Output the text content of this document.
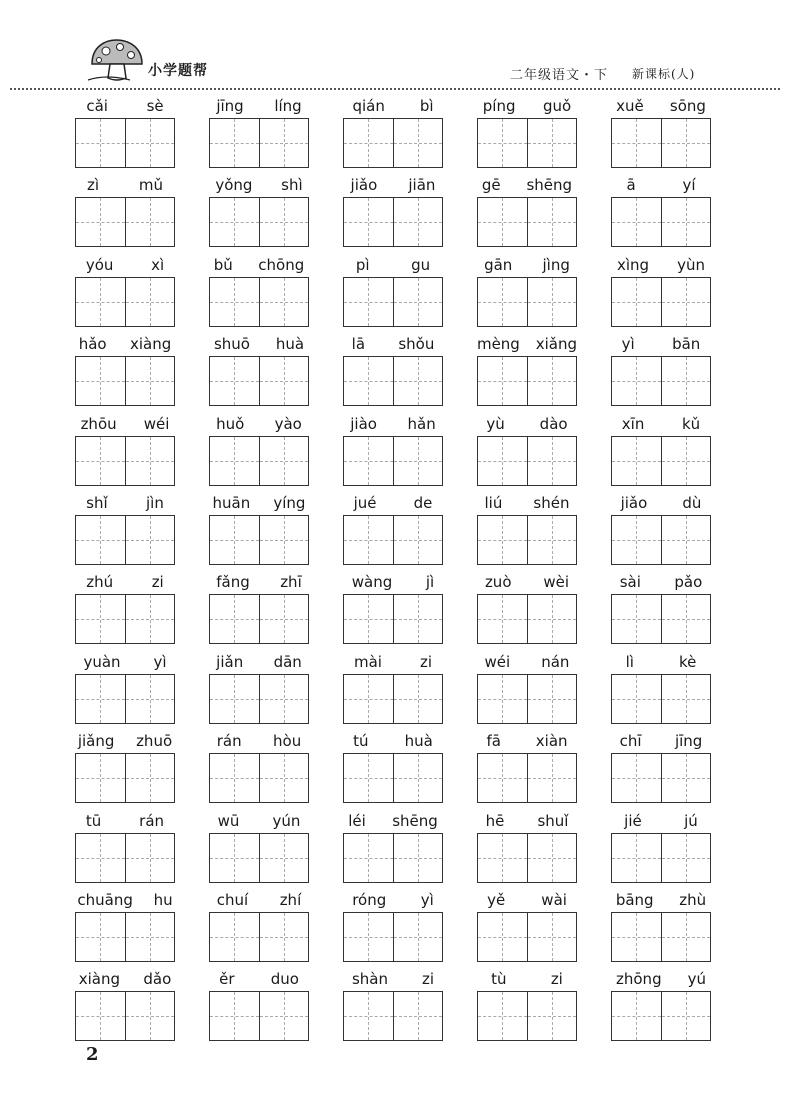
小学题帮	二年级语文・下 新课标(人)
cǎi	sè	jīng líng	qián bì	píng guǒ	xuě sōng
zì	mǔ	yǒng shì	jiǎo jiān	gē shēng	ā	yí
yóu	xì	bǔ chōng	pì	gu	gān jìng	xìng yùn
hǎo xiàng	shuō huà	lā shǒu	mèng xiǎng	yì bān
zhōu wéi	huǒ yào	jiào hǎn	yù dào	xīn	kǔ
shǐ	jìn	huān yíng	jué de	liú shén	jiǎo dù
zhú	zi	fǎng zhī	wàng jì	zuò wèi	sài pǎo
yuàn yì	jiǎn dān	mài	zi	wéi nán	lì	kè
jiǎng zhuō	rán hòu	tú huà	fā xiàn	chī jīng
tū	rán	wū yún	léi shēng	hē shuǐ	jié	jú
chuāng hu	chuí zhí	róng yì	yě wài	bāng zhù
xiàng dǎo	ěr duo	shàn zi	tù	zi	zhōng yú
2
